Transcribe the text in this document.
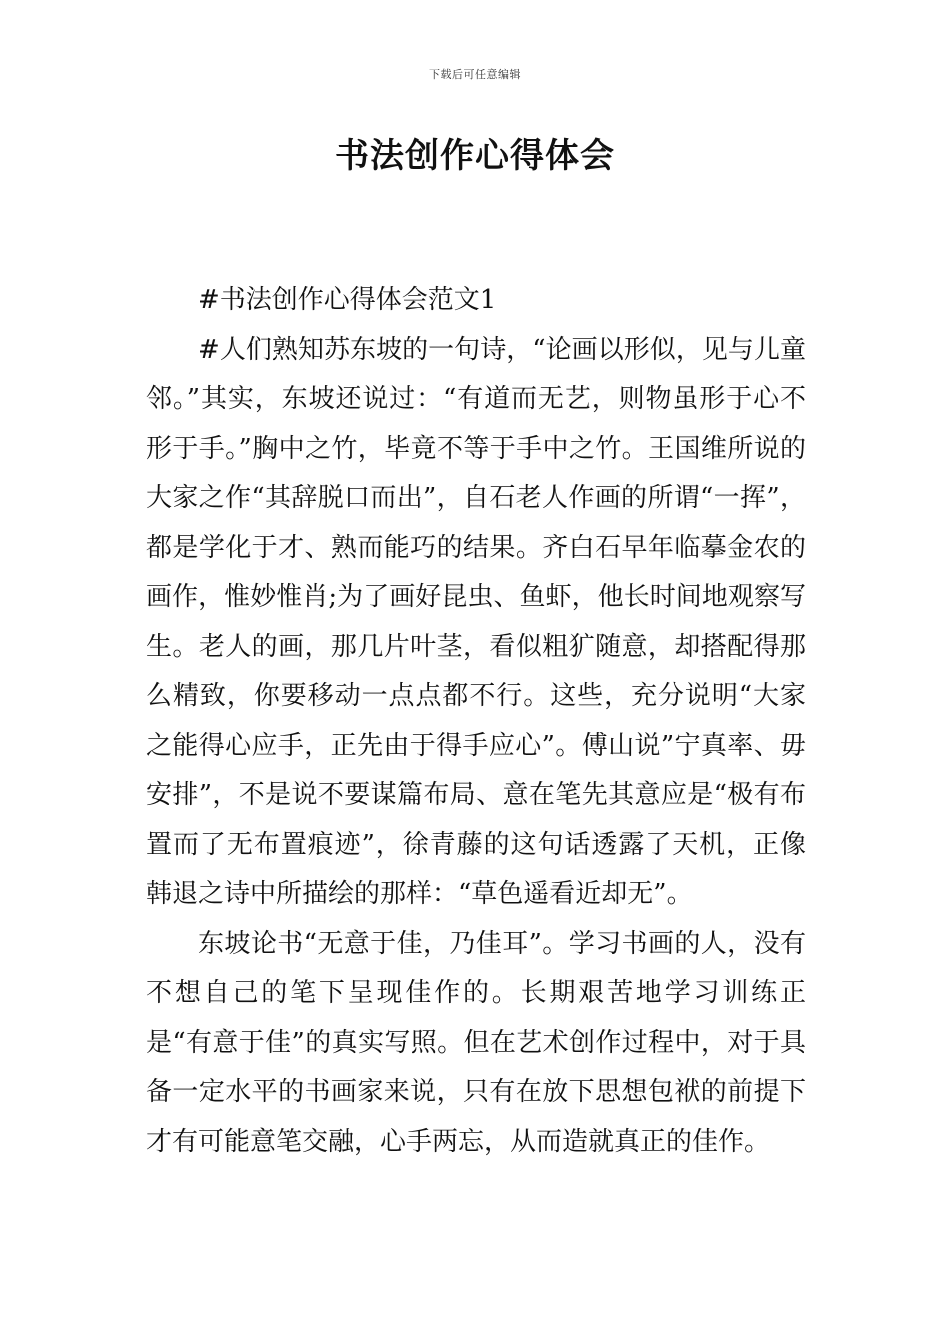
下载后可任意编辑
书法创作心得体会

#书法创作心得体会范文1

#人们熟知苏东坡的一句诗，“论画以形似，见与儿童邻。”其实，东坡还说过：“有道而无艺，则物虽形于心不形于手。”胸中之竹，毕竟不等于手中之竹。王国维所说的大家之作“其辞脱口而出”，自石老人作画的所谓“一挥”，都是学化于才、熟而能巧的结果。齐白石早年临摹金农的画作，惟妙惟肖;为了画好昆虫、鱼虾，他长时间地观察写生。老人的画，那几片叶茎，看似粗犷随意，却搭配得那么精致，你要移动一点点都不行。这些，充分说明“大家之能得心应手，正先由于得手应心”。傅山说”宁真率、毋安排”，不是说不要谋篇布局、意在笔先其意应是“极有布置而了无布置痕迹”，徐青藤的这句话透露了天机，正像韩退之诗中所描绘的那样：“草色遥看近却无”。

东坡论书“无意于佳，乃佳耳”。学习书画的人，没有不想自己的笔下呈现佳作的。长期艰苦地学习训练正是“有意于佳”的真实写照。但在艺术创作过程中，对于具备一定水平的书画家来说，只有在放下思想包袱的前提下才有可能意笔交融，心手两忘，从而造就真正的佳作。
